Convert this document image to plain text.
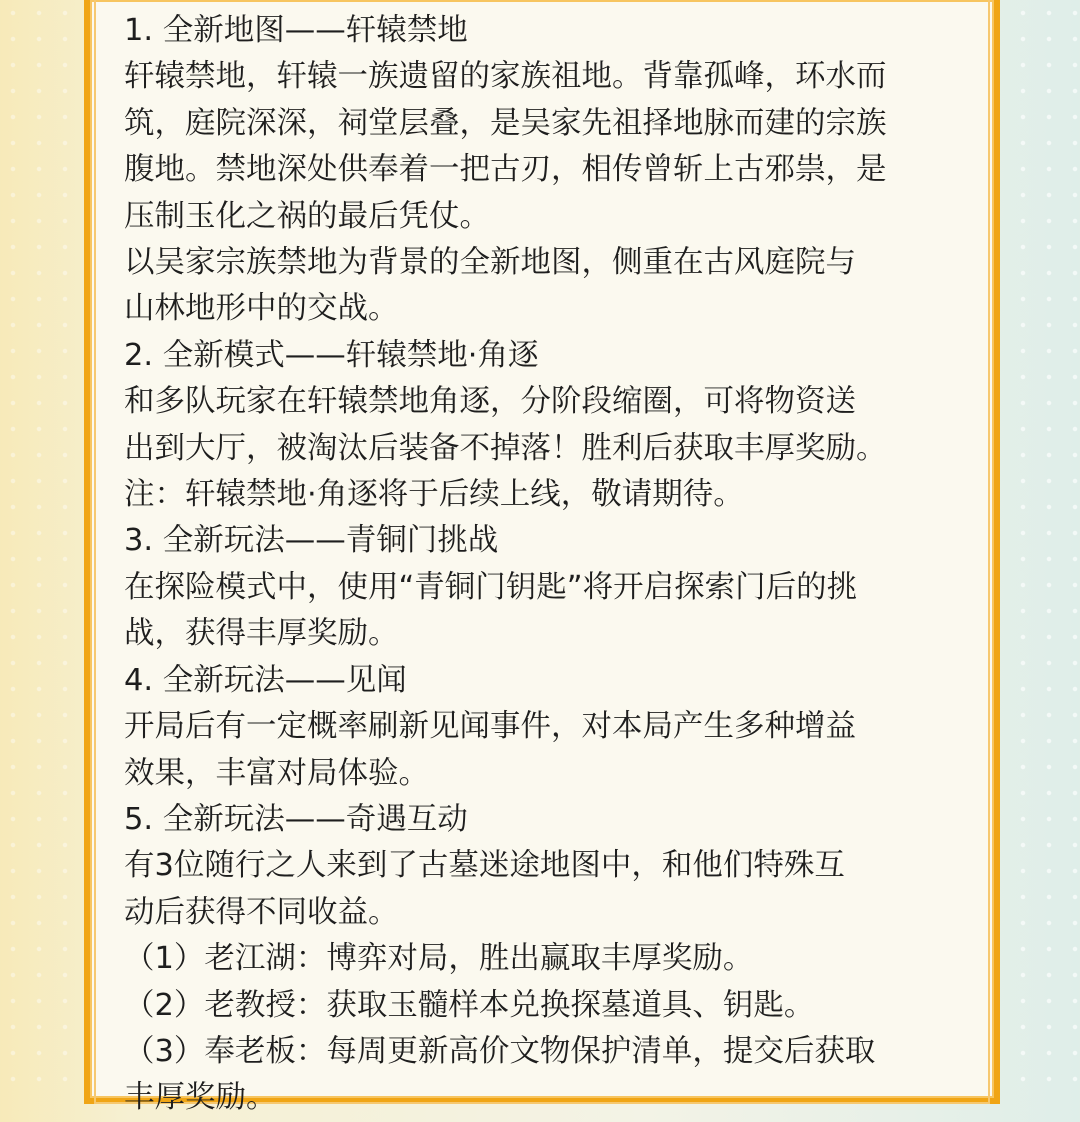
1. 全新地图——轩辕禁地

轩辕禁地，轩辕一族遗留的家族祖地。背靠孤峰，环水而

筑，庭院深深，祠堂层叠，是吴家先祖择地脉而建的宗族

腹地。禁地深处供奉着一把古刃，相传曾斩上古邪祟，是

压制玉化之祸的最后凭仗。

以吴家宗族禁地为背景的全新地图，侧重在古风庭院与

山林地形中的交战。

2. 全新模式——轩辕禁地·角逐

和多队玩家在轩辕禁地角逐，分阶段缩圈，可将物资送

出到大厅，被淘汰后装备不掉落！胜利后获取丰厚奖励。

注：轩辕禁地·角逐将于后续上线，敬请期待。

3. 全新玩法——青铜门挑战

在探险模式中，使用“青铜门钥匙”将开启探索门后的挑

战，获得丰厚奖励。

4. 全新玩法——见闻

开局后有一定概率刷新见闻事件，对本局产生多种增益

效果，丰富对局体验。

5. 全新玩法——奇遇互动

有3位随行之人来到了古墓迷途地图中，和他们特殊互

动后获得不同收益。

（1）老江湖：博弈对局，胜出赢取丰厚奖励。

（2）老教授：获取玉髓样本兑换探墓道具、钥匙。

（3）奉老板：每周更新高价文物保护清单，提交后获取

丰厚奖励。
